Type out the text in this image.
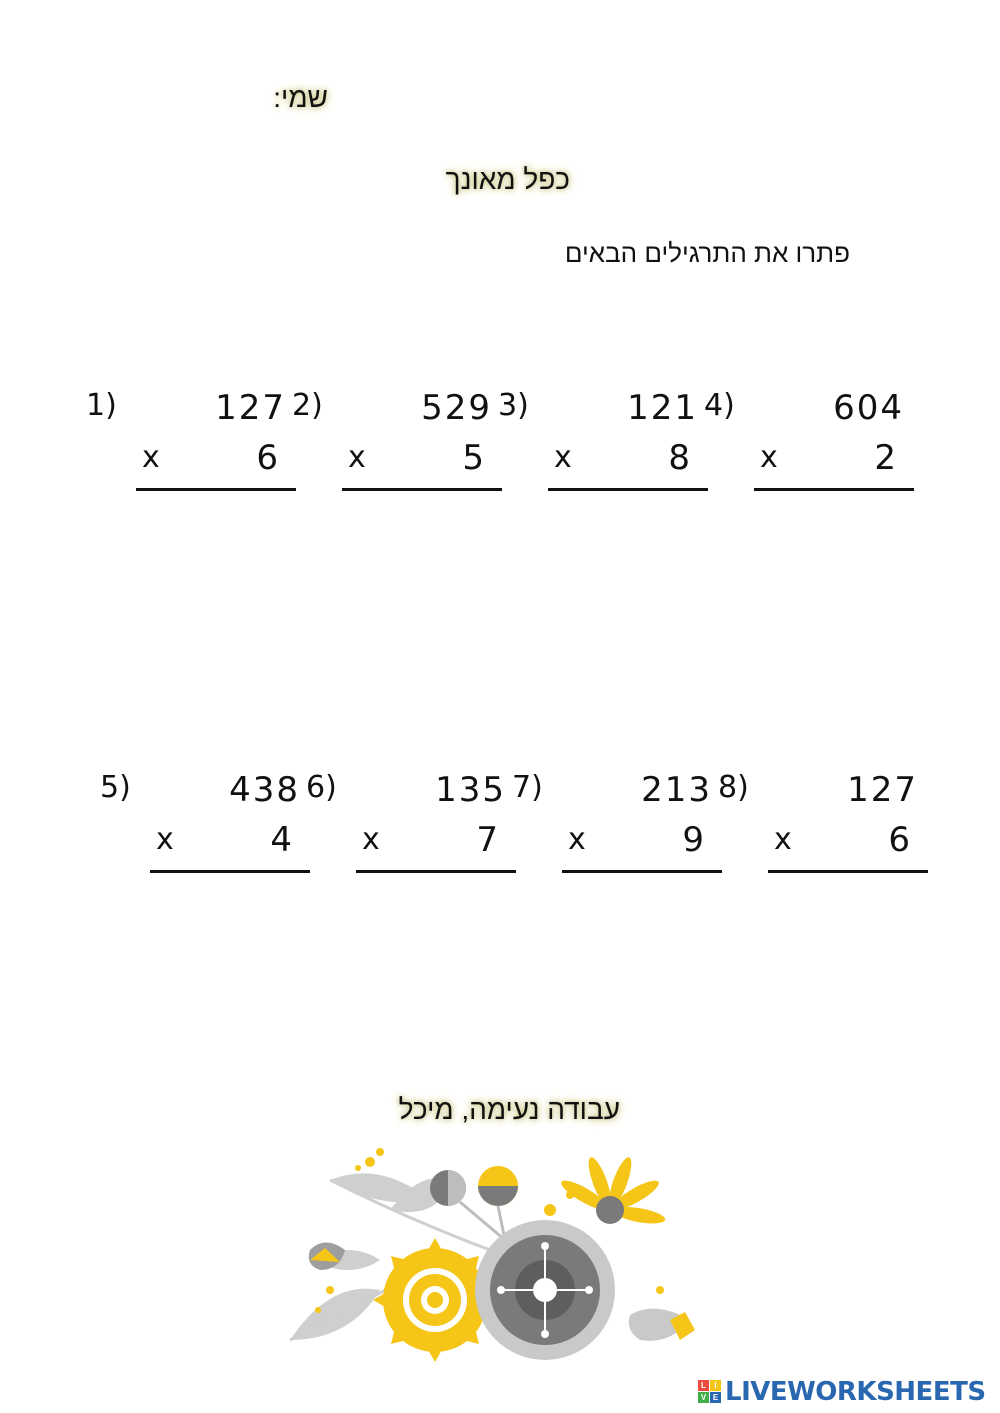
שמי:
כפל מאונך
פתרו את התרגילים הבאים
1)	127
x	6
2)	529
x	5
3)	121
x	8
4)	604
x	2
5)	438
x	4
6)	135
x	7
7)	213
x	9
8)	127
x	6
עבודה נעימה, מיכל
L	I
V E LIVEWORKSHEETS
